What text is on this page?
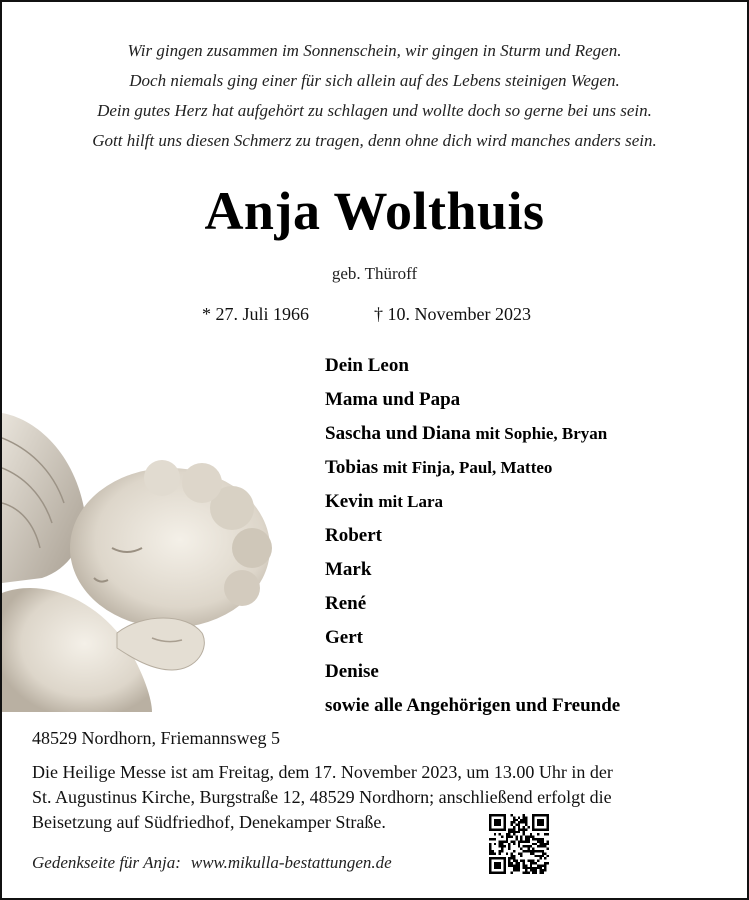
Wir gingen zusammen im Sonnenschein, wir gingen in Sturm und Regen.
Doch niemals ging einer für sich allein auf des Lebens steinigen Wegen.
Dein gutes Herz hat aufgehört zu schlagen und wollte doch so gerne bei uns sein.
Gott hilft uns diesen Schmerz zu tragen, denn ohne dich wird manches anders sein.
Anja Wolthuis
geb. Thüroff
* 27. Juli 1966	† 10. November 2023
Dein Leon
Mama und Papa
Sascha und Diana mit Sophie, Bryan
Tobias mit Finja, Paul, Matteo
Kevin mit Lara
Robert
Mark
René
Gert
Denise
sowie alle Angehörigen und Freunde
48529 Nordhorn, Friemannsweg 5
Die Heilige Messe ist am Freitag, dem 17. November 2023, um 13.00 Uhr in der
St. Augustinus Kirche, Burgstraße 12, 48529 Nordhorn; anschließend erfolgt die
Beisetzung auf Südfriedhof, Denekamper Straße.
Gedenkseite für Anja: www.mikulla-bestattungen.de
